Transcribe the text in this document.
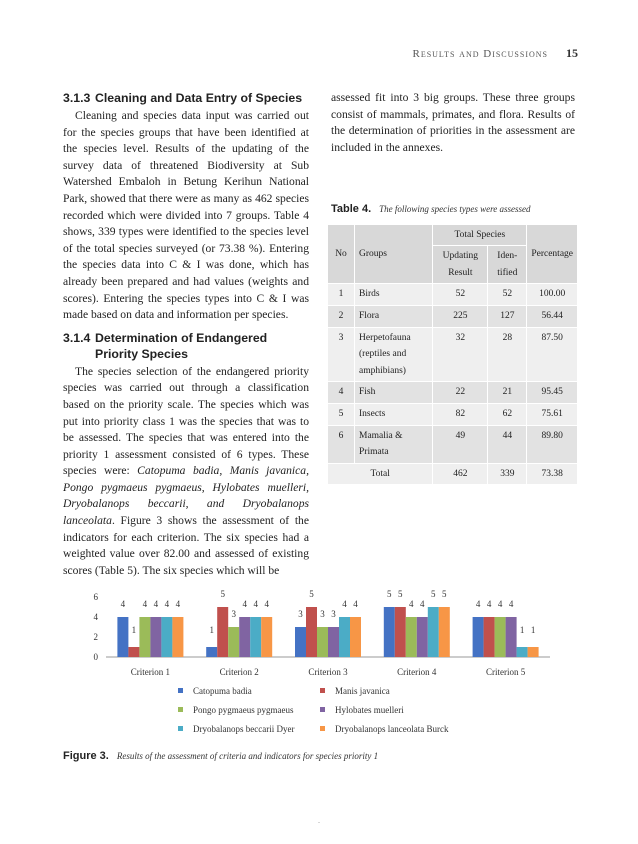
Results and Discussions 15
3.1.3 Cleaning and Data Entry of Species

Cleaning and species data input was carried out for the species groups that have been identified at the species level. Results of the updating of the survey data of threatened Biodiversity at Sub Watershed Embaloh in Betung Kerihun National Park, showed that there were as many as 462 species recorded which were divided into 7 groups. Table 4 shows, 339 types were identified to the species level of the total species surveyed (or 73.38 %). Entering the species data into C & I was done, which has already been prepared and had values (weights and scores). Entering the species types into C & I was made based on data and information per species.

3.1.4 Determination of Endangered Priority Species

The species selection of the endangered priority species was carried out through a classification based on the priority scale. The species which was put into priority class 1 was the species that was to be assessed. The species that was entered into the priority 1 assessment consisted of 6 types. These species were: Catopuma badia, Manis javanica, Pongo pygmaeus pygmaeus, Hylobates muelleri, Dryobalanops beccarii, and Dryobalanops lanceolata. Figure 3 shows the assessment of the indicators for each criterion. The six species had a weighted value over 82.00 and assessed of existing scores (Table 5). The six species which will be

assessed fit into 3 big groups. These three groups consist of mammals, primates, and flora. Results of the determination of priorities in the assessment are included in the annexes.

Table 4. The following species types were assessed
No	Groups	Total Species		Percentage
		Updating Result	Iden-tified	
1	Birds	52	52	100.00
2	Flora	225	127	56.44
3	Herpetofauna (reptiles and amphibians)	32	28	87.50
4	Fish	22	21	95.45
5	Insects	82	62	75.61
6	Mamalia & Primata	49	44	89.80
Total		462	339	73.38
0
2
4
6
Criterion 1	Criterion 2	Criterion 3	Criterion 4	Criterion 5
4
1
4 4 4 4
1
5
3
4 4 4
3
5
3 3
4 4
5 5
4 4
5 5
4 4 4 4
1 1
Catopuma badia	Manis javanica
Pongo pygmaeus pygmaeus	Hylobates muelleri
Dryobalanops beccarii Dyer	Dryobalanops lanceolata Burck
Figure 3. Results of the assessment of criteria and indicators for species priority 1
.
